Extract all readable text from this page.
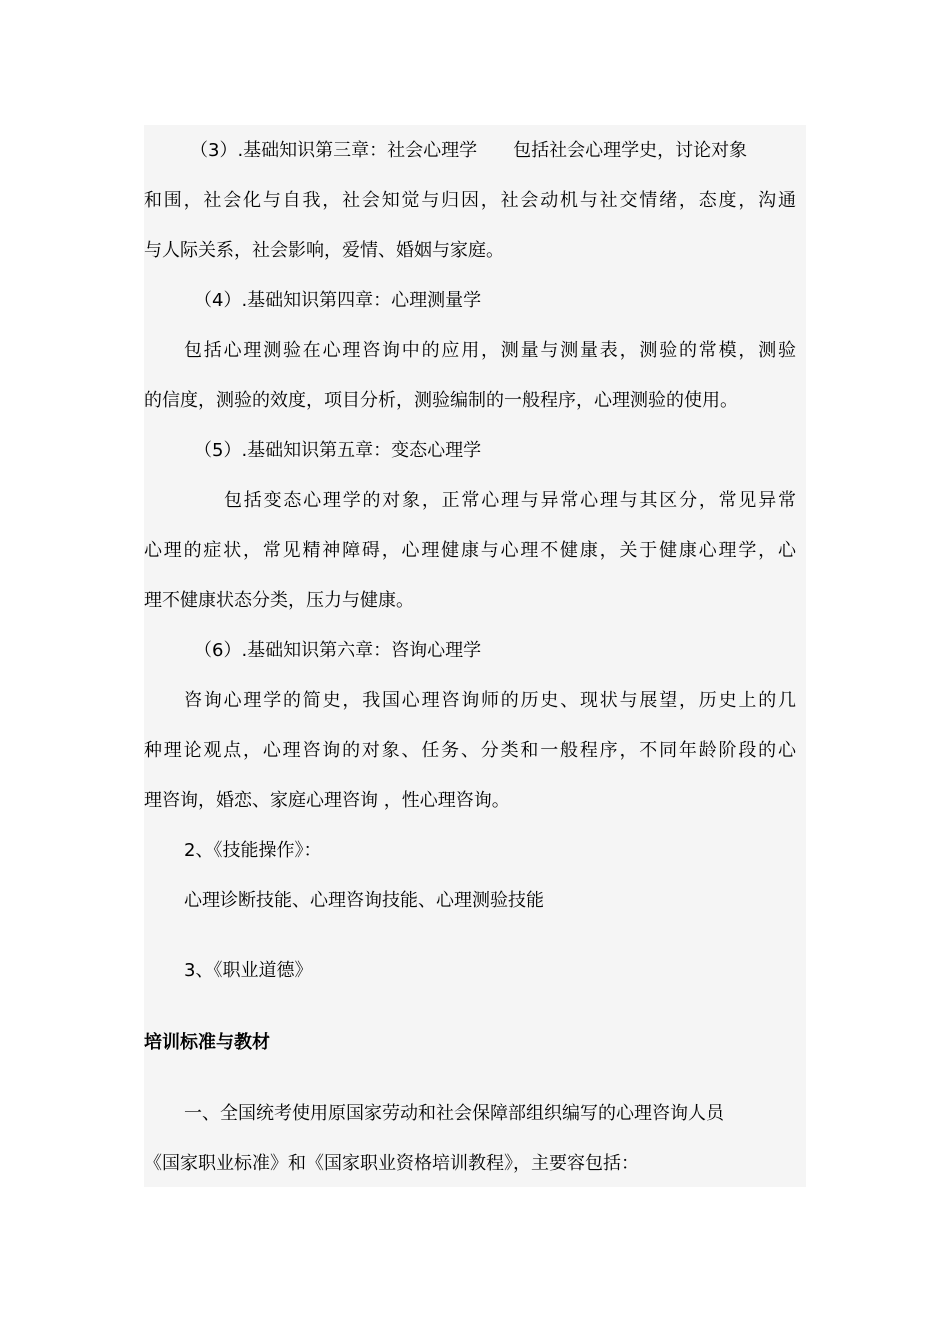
（3）.基础知识第三章：社会心理学　　包括社会心理学史，讨论对象
和围，社会化与自我，社会知觉与归因，社会动机与社交情绪，态度，沟通
与人际关系，社会影响，爱情、婚姻与家庭。
（4）.基础知识第四章：心理测量学
包括心理测验在心理咨询中的应用，测量与测量表，测验的常模，测验
的信度，测验的效度，项目分析，测验编制的一般程序，心理测验的使用。
（5）.基础知识第五章：变态心理学
包括变态心理学的对象，正常心理与异常心理与其区分，常见异常
心理的症状，常见精神障碍，心理健康与心理不健康，关于健康心理学，心
理不健康状态分类，压力与健康。
（6）.基础知识第六章：咨询心理学
咨询心理学的简史，我国心理咨询师的历史、现状与展望，历史上的几
种理论观点，心理咨询的对象、任务、分类和一般程序，不同年龄阶段的心
理咨询，婚恋、家庭心理咨询 ，性心理咨询。
2、《技能操作》：
心理诊断技能、心理咨询技能、心理测验技能
3、《职业道德》
培训标准与教材
一、全国统考使用原国家劳动和社会保障部组织编写的心理咨询人员
《国家职业标准》和《国家职业资格培训教程》，主要容包括：
